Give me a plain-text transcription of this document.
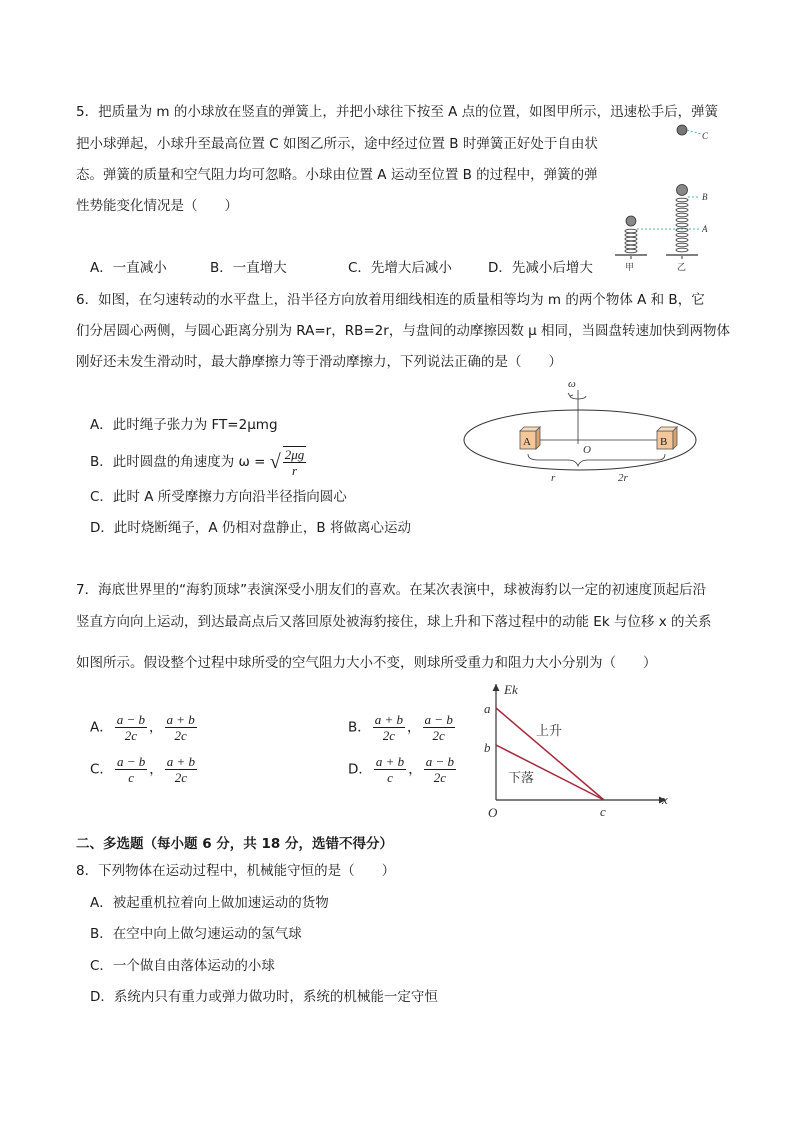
5．把质量为 m 的小球放在竖直的弹簧上，并把小球往下按至 A 点的位置，如图甲所示，迅速松手后，弹簧
把小球弹起，小球升至最高位置 C 如图乙所示，途中经过位置 B 时弹簧正好处于自由状
态。弹簧的质量和空气阻力均可忽略。小球由位置 A 运动至位置 B 的过程中，弹簧的弹
性势能变化情况是（　　）
A．一直减小	B．一直增大	C．先增大后减小	D．先减小后增大
C
A
甲
B
乙
6．如图，在匀速转动的水平盘上，沿半径方向放着用细线相连的质量相等均为 m 的两个物体 A 和 B，它
们分居圆心两侧，与圆心距离分别为 RA=r，RB=2r，与盘间的动摩擦因数 μ 相同，当圆盘转速加快到两物体
刚好还未发生滑动时，最大静摩擦力等于滑动摩擦力，下列说法正确的是（　　）
A．此时绳子张力为 FT=2μmg
B．此时圆盘的角速度为 ω = √ $\frac{2\mu g}{r}$
C．此时 A 所受摩擦力方向沿半径指向圆心
D．此时烧断绳子，A 仍相对盘静止，B 将做离心运动
ω
A	B
O
r	2r
7．海底世界里的“海豹顶球”表演深受小朋友们的喜欢。在某次表演中，球被海豹以一定的初速度顶起后沿
竖直方向向上运动，到达最高点后又落回原处被海豹接住，球上升和下落过程中的动能 Ek 与位移 x 的关系
如图所示。假设整个过程中球所受的空气阻力大小不变，则球所受重力和阻力大小分别为（　　）
A． $\frac{a - b}{2c}$ ， $\frac{a + b}{2c}$	B． $\frac{a + b}{2c}$ ， $\frac{a - b}{2c}$
C． $\frac{a - b}{c}$ ， $\frac{a + b}{2c}$	D． $\frac{a + b}{c}$ ， $\frac{a - b}{2c}$
Ek
x
O
a
b
c
上升
下落
二、多选题（每小题 6 分，共 18 分，选错不得分）
8．下列物体在运动过程中，机械能守恒的是（　　）
A．被起重机拉着向上做加速运动的货物
B．在空中向上做匀速运动的氢气球
C．一个做自由落体运动的小球
D．系统内只有重力或弹力做功时，系统的机械能一定守恒
